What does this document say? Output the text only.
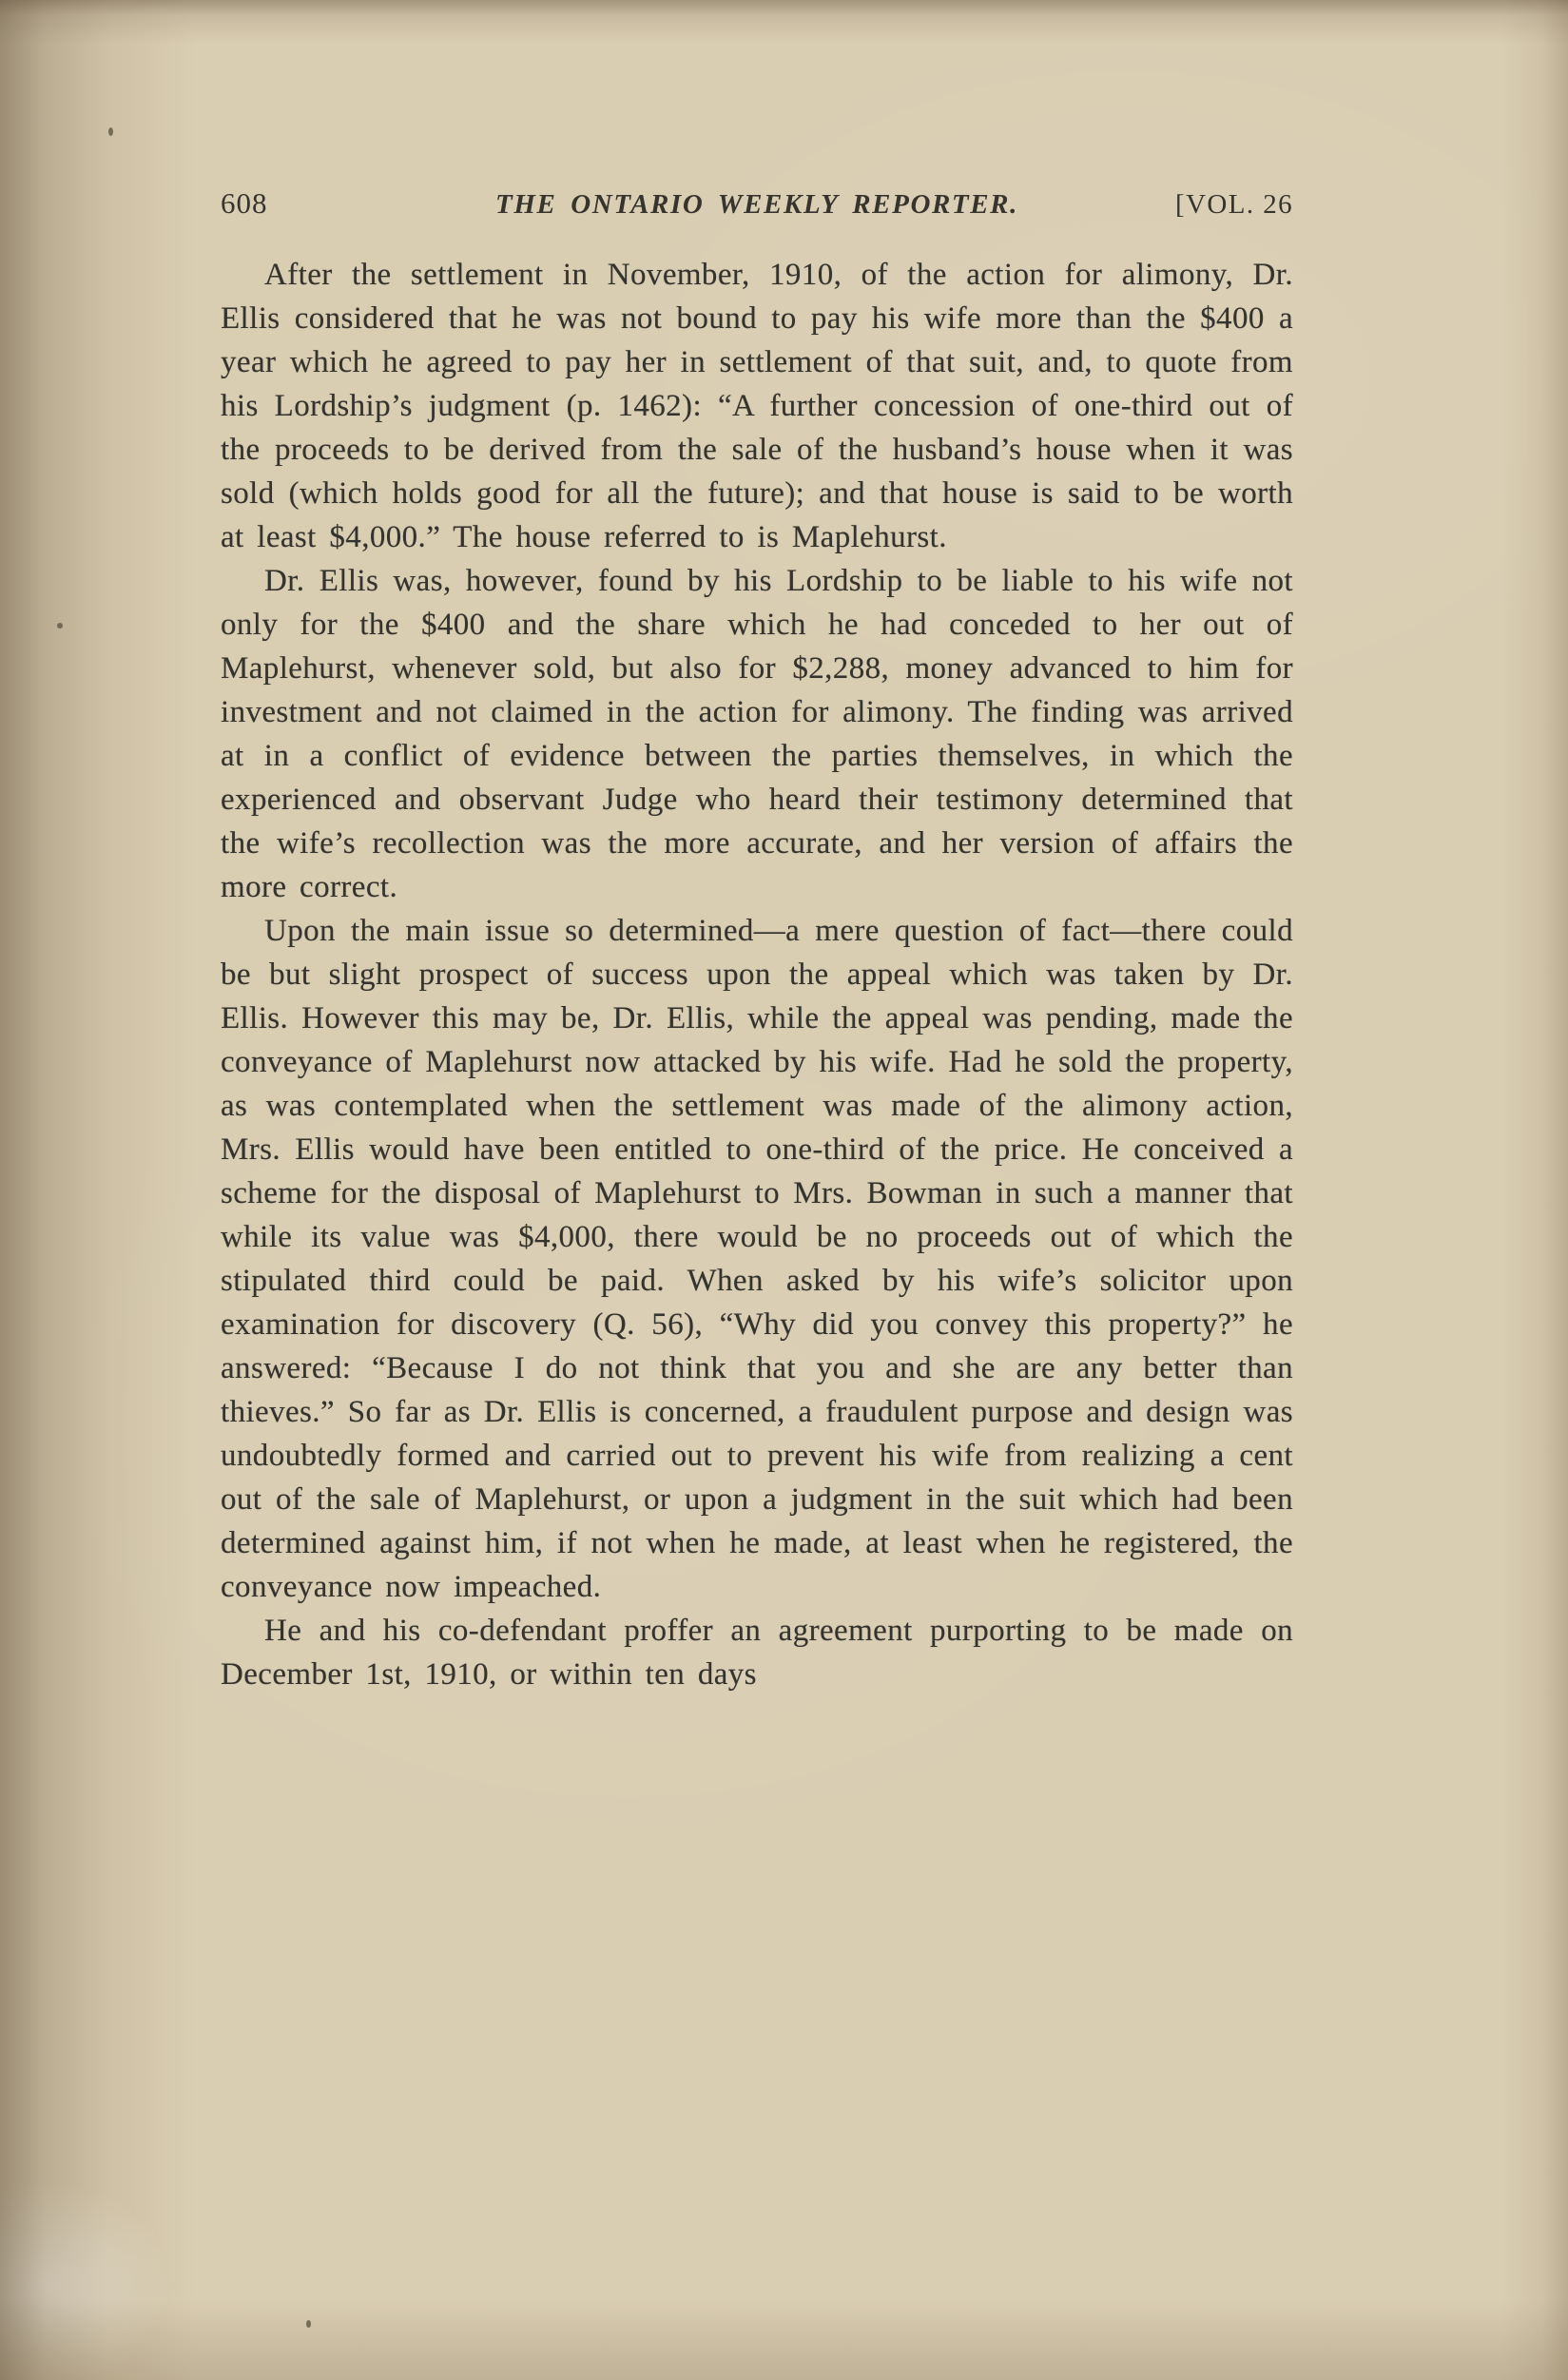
608	THE ONTARIO WEEKLY REPORTER.	[VOL. 26

After the settlement in November, 1910, of the action for alimony, Dr. Ellis considered that he was not bound to pay his wife more than the $400 a year which he agreed to pay her in settlement of that suit, and, to quote from his Lordship’s judgment (p. 1462): “A further concession of one-third out of the proceeds to be derived from the sale of the husband’s house when it was sold (which holds good for all the future); and that house is said to be worth at least $4,000.” The house referred to is Maplehurst.

Dr. Ellis was, however, found by his Lordship to be liable to his wife not only for the $400 and the share which he had conceded to her out of Maplehurst, whenever sold, but also for $2,288, money advanced to him for investment and not claimed in the action for alimony. The finding was arrived at in a conflict of evidence between the parties themselves, in which the experienced and observant Judge who heard their testimony determined that the wife’s recollection was the more accurate, and her version of affairs the more correct.

Upon the main issue so determined—a mere question of fact—there could be but slight prospect of success upon the appeal which was taken by Dr. Ellis. However this may be, Dr. Ellis, while the appeal was pending, made the conveyance of Maplehurst now attacked by his wife. Had he sold the property, as was contemplated when the settlement was made of the alimony action, Mrs. Ellis would have been entitled to one-third of the price. He conceived a scheme for the disposal of Maplehurst to Mrs. Bowman in such a manner that while its value was $4,000, there would be no proceeds out of which the stipulated third could be paid. When asked by his wife’s solicitor upon examination for discovery (Q. 56), “Why did you convey this property?” he answered: “Because I do not think that you and she are any better than thieves.” So far as Dr. Ellis is concerned, a fraudulent purpose and design was undoubtedly formed and carried out to prevent his wife from realizing a cent out of the sale of Maplehurst, or upon a judgment in the suit which had been determined against him, if not when he made, at least when he registered, the conveyance now impeached.

He and his co-defendant proffer an agreement purporting to be made on December 1st, 1910, or within ten days
